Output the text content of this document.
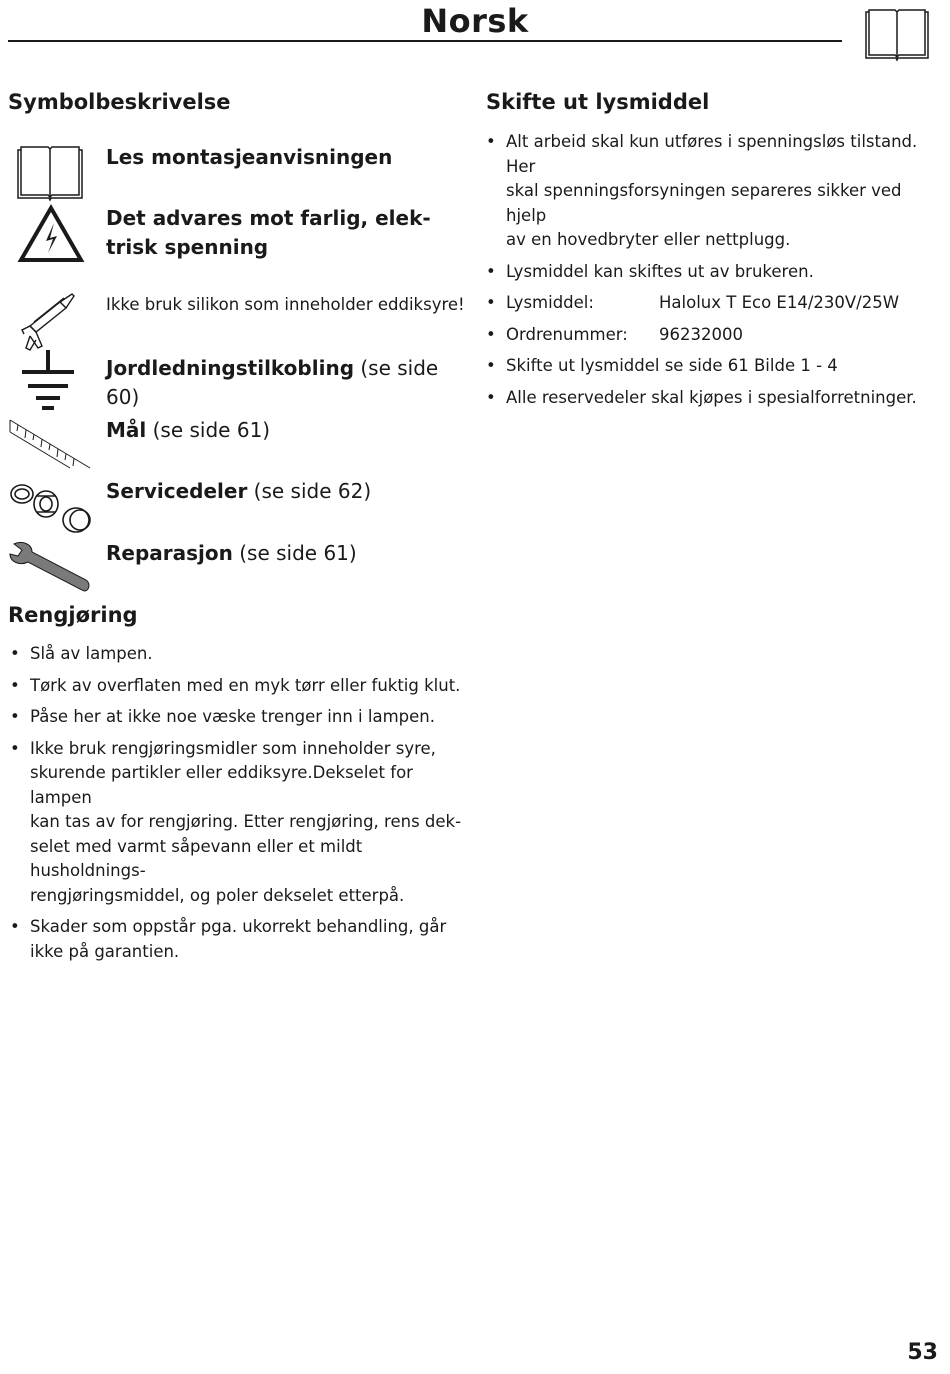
Norsk
Symbolbeskrivelse
Les montasjeanvisningen
Det advares mot farlig, elek-
trisk spenning
Ikke bruk silikon som inneholder eddiksyre!
Jordledningstilkobling (se side
60)
Mål (se side 61)
Servicedeler (se side 62)
Reparasjon (se side 61)
Rengjøring
• Slå av lampen.
• Tørk av overflaten med en myk tørr eller fuktig klut.
• Påse her at ikke noe væske trenger inn i lampen.
• Ikke bruk rengjøringsmidler som inneholder syre,
skurende partikler eller eddiksyre.Dekselet for lampen
kan tas av for rengjøring. Etter rengjøring, rens dek-
selet med varmt såpevann eller et mildt husholdnings-
rengjøringsmiddel, og poler dekselet etterpå.
• Skader som oppstår pga. ukorrekt behandling, går
ikke på garantien.
Skifte ut lysmiddel
• Alt arbeid skal kun utføres i spenningsløs tilstand. Her
skal spenningsforsyningen separeres sikker ved hjelp
av en hovedbryter eller nettplugg.
• Lysmiddel kan skiftes ut av brukeren.
• Lysmiddel:	Halolux T Eco E14/230V/25W
• Ordrenummer: 96232000
• Skifte ut lysmiddel se side 61 Bilde 1 - 4
• Alle reservedeler skal kjøpes i spesialforretninger.
53
